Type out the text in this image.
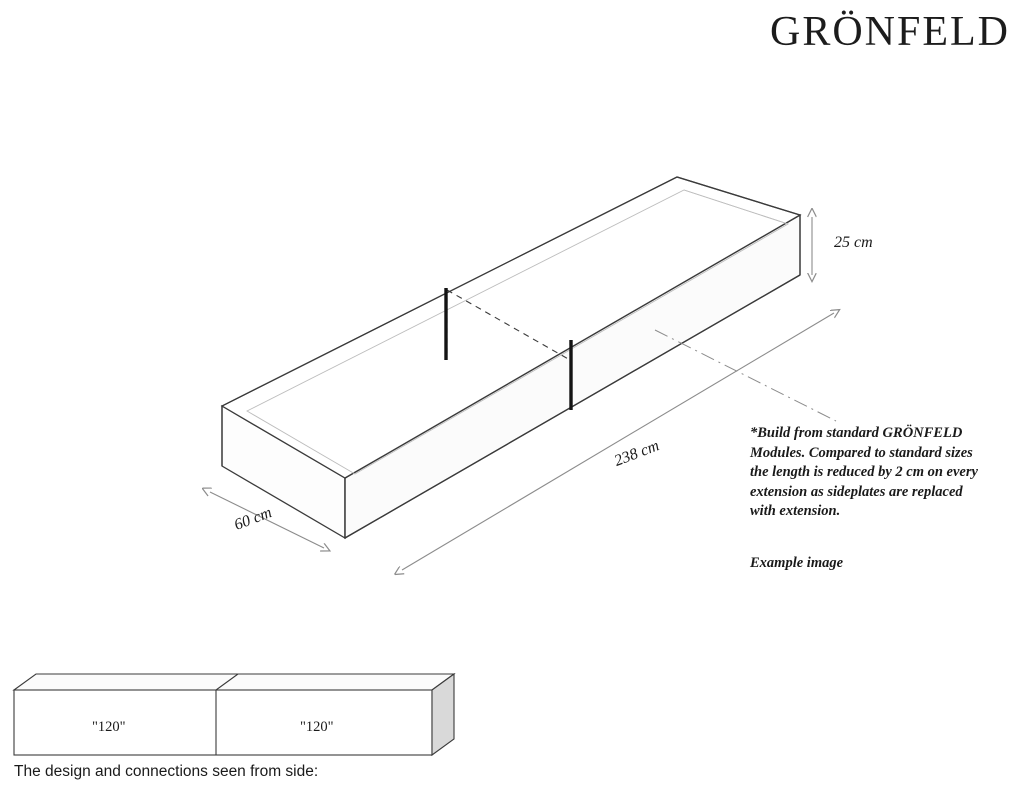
GRÖNFELD
25 cm
238 cm
60 cm
*Build from standard GRÖNFELD Modules. Compared to standard sizes the length is reduced by 2 cm on every extension as sideplates are replaced with extension.
Example image
"120"	"120"
The design and connections seen from side:
